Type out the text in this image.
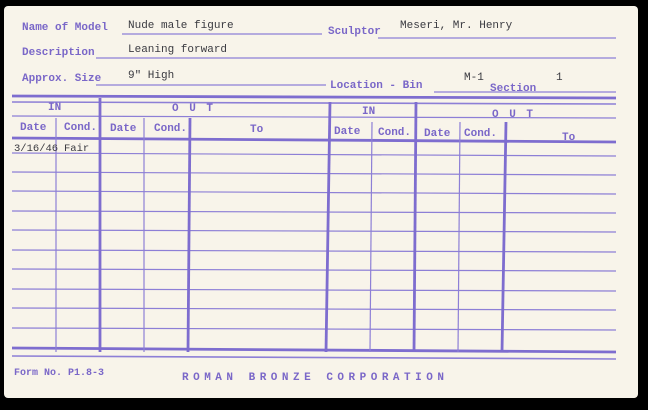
Name of Model Nude male figure	Sculptor Meseri, Mr. Henry
Description	Leaning forward
Approx. Size 9" High
Location - Bin
M-1
Section
1
IN	O U T	IN	O U T
Date Cond. Date Cond.	To	Date Cond. Date Cond.	To
3/16/46 Fair
Form No. P1.8-3	ROMAN BRONZE CORPORATION
